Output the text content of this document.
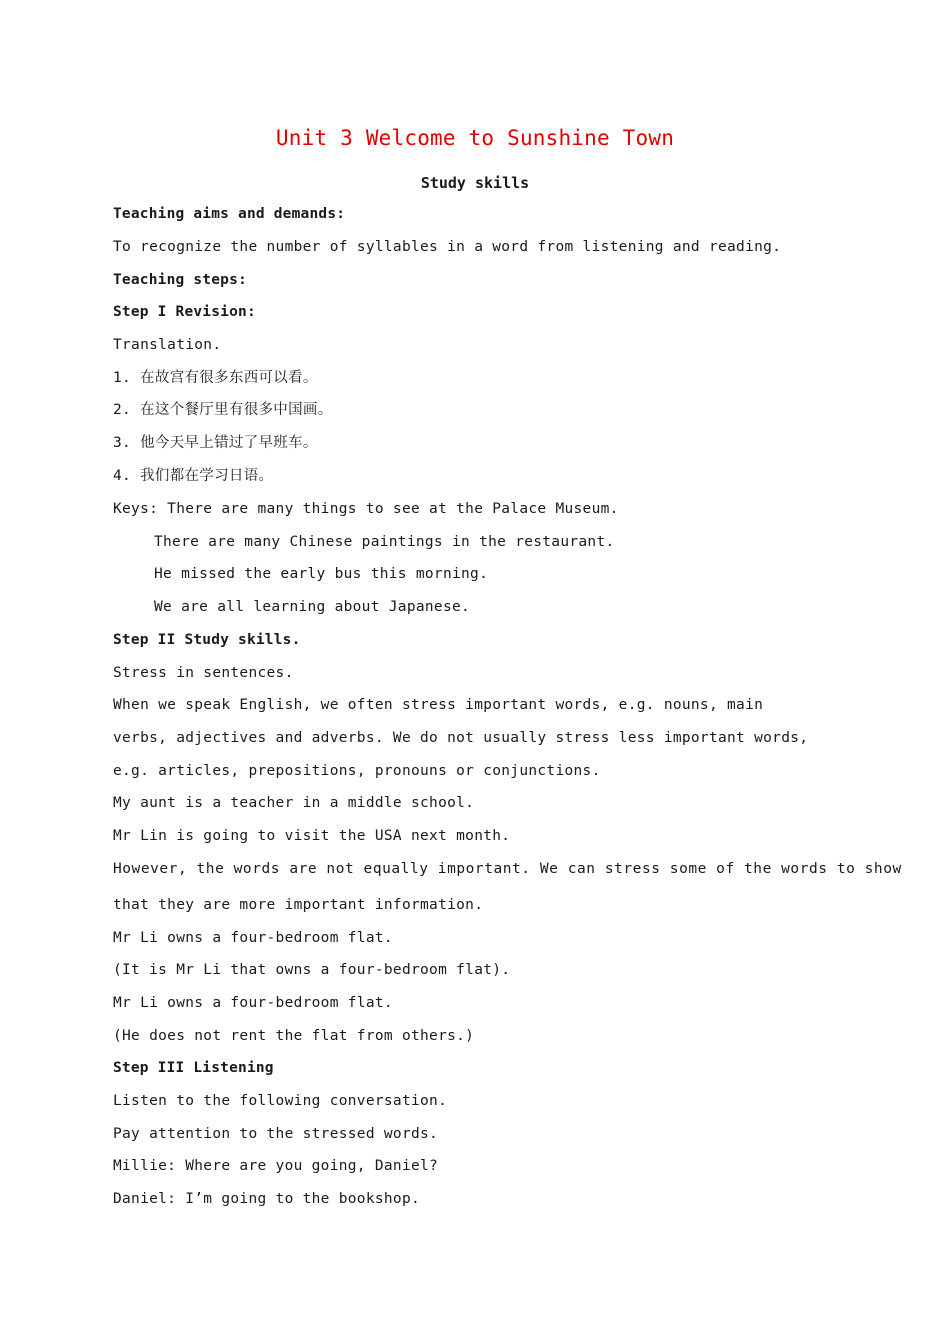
Unit 3 Welcome to Sunshine Town
Study skills
Teaching aims and demands:
To recognize the number of syllables in a word from listening and reading.
Teaching steps:
Step I Revision:
Translation.
1. 在故宫有很多东西可以看。
2. 在这个餐厅里有很多中国画。
3. 他今天早上错过了早班车。
4. 我们都在学习日语。
Keys: There are many things to see at the Palace Museum.
There are many Chinese paintings in the restaurant.
He missed the early bus this morning.
We are all learning about Japanese.
Step II Study skills.
Stress in sentences.
When we speak English, we often stress important words, e.g. nouns, main
verbs, adjectives and adverbs. We do not usually stress less important words,
e.g. articles, prepositions, pronouns or conjunctions.
My aunt is a teacher in a middle school.
Mr Lin is going to visit the USA next month.
However, the words are not equally important. We can stress some of the words to show
that they are more important information.
Mr Li owns a four-bedroom flat.
(It is Mr Li that owns a four-bedroom flat).
Mr Li owns a four-bedroom flat.
(He does not rent the flat from others.)
Step III Listening
Listen to the following conversation.
Pay attention to the stressed words.
Millie: Where are you going, Daniel?
Daniel: I’m going to the bookshop.
